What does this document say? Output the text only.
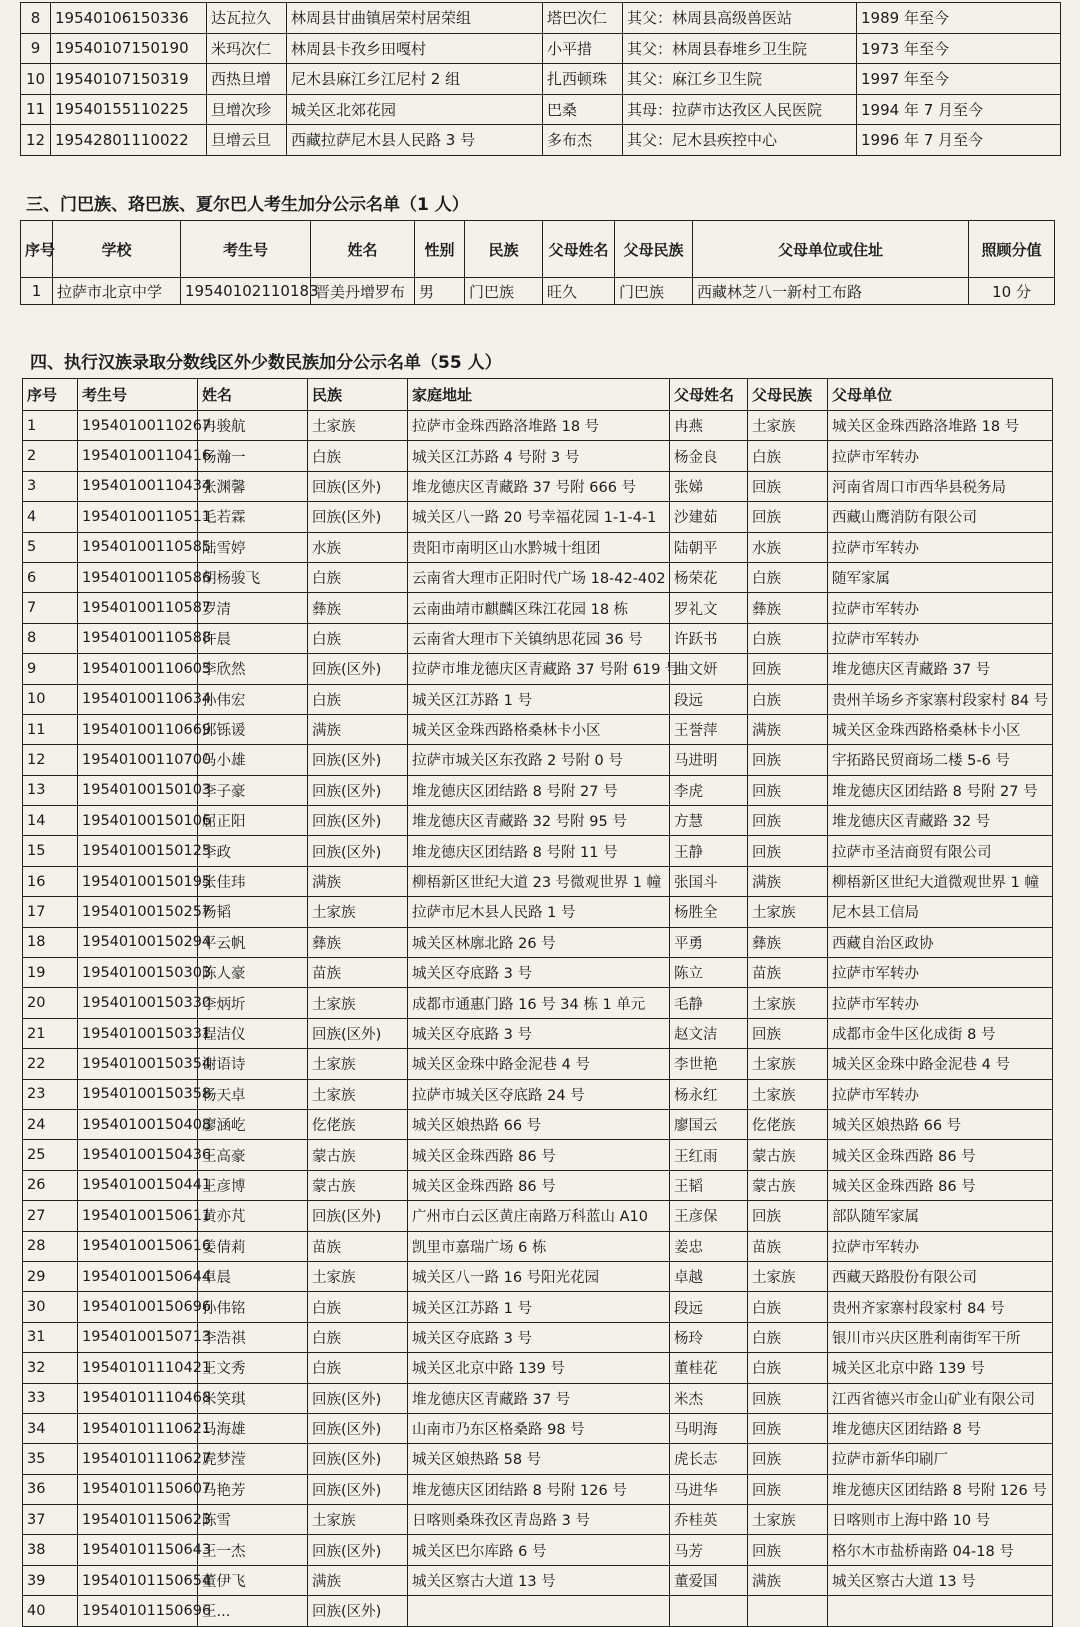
8	19540106150336	达瓦拉久	林周县甘曲镇居荣村居荣组	塔巴次仁	其父：林周县高级兽医站	1989 年至今
9	19540107150190	米玛次仁	林周县卡孜乡田嘎村	小平措	其父：林周县春堆乡卫生院	1973 年至今
10	19540107150319	西热旦增	尼木县麻江乡江尼村 2 组	扎西顿珠	其父：麻江乡卫生院	1997 年至今
11	19540155110225	旦增次珍	城关区北郊花园	巴桑	其母：拉萨市达孜区人民医院	1994 年 7 月至今
12	19542801110022	旦增云旦	西藏拉萨尼木县人民路 3 号	多布杰	其父：尼木县疾控中心	1996 年 7 月至今
三、门巴族、珞巴族、夏尔巴人考生加分公示名单（1 人）
序号	学校	考生号	姓名	性别	民族	父母姓名	父母民族	父母单位或住址	照顾分值
1	拉萨市北京中学	19540102110183	晋美丹增罗布	男	门巴族	旺久	门巴族	西藏林芝八一新村工布路	10 分
四、执行汉族录取分数线区外少数民族加分公示名单（55 人）
序号	考生号	姓名	民族	家庭地址	父母姓名	父母民族	父母单位
1	19540100110267	冉骏航	土家族	拉萨市金珠西路洛堆路 18 号	冉燕	土家族	城关区金珠西路洛堆路 18 号
2	19540100110416	杨瀚一	白族	城关区江苏路 4 号附 3 号	杨金良	白族	拉萨市军转办
3	19540100110434	张渊馨	回族(区外)	堆龙德庆区青藏路 37 号附 666 号	张娣	回族	河南省周口市西华县税务局
4	19540100110511	毛若霖	回族(区外)	城关区八一路 20 号幸福花园 1-1-4-1	沙建茹	回族	西藏山鹰消防有限公司
5	19540100110585	陆雪婷	水族	贵阳市南明区山水黔城十组团	陆朝平	水族	拉萨市军转办
6	19540100110586	胡杨骏飞	白族	云南省大理市正阳时代广场 18-42-402	杨荣花	白族	随军家属
7	19540100110587	罗清	彝族	云南曲靖市麒麟区珠江花园 18 栋	罗礼文	彝族	拉萨市军转办
8	19540100110588	许晨	白族	云南省大理市下关镇纳思花园 36 号	许跃书	白族	拉萨市军转办
9	19540100110605	李欣然	回族(区外)	拉萨市堆龙德庆区青藏路 37 号附 619 号	曲文妍	回族	堆龙德庆区青藏路 37 号
10	19540100110634	孙伟宏	白族	城关区江苏路 1 号	段远	白族	贵州羊场乡齐家寨村段家村 84 号
11	19540100110669	邱铄谖	满族	城关区金珠西路格桑林卡小区	王誉萍	满族	城关区金珠西路格桑林卡小区
12	19540100110700	马小雄	回族(区外)	拉萨市城关区东孜路 2 号附 0 号	马进明	回族	宇拓路民贸商场二楼 5-6 号
13	19540100150103	李子豪	回族(区外)	堆龙德庆区团结路 8 号附 27 号	李虎	回族	堆龙德庆区团结路 8 号附 27 号
14	19540100150106	屈正阳	回族(区外)	堆龙德庆区青藏路 32 号附 95 号	方慧	回族	堆龙德庆区青藏路 32 号
15	19540100150125	李政	回族(区外)	堆龙德庆区团结路 8 号附 11 号	王静	回族	拉萨市圣洁商贸有限公司
16	19540100150195	张佳玮	满族	柳梧新区世纪大道 23 号微观世界 1 幢	张国斗	满族	柳梧新区世纪大道微观世界 1 幢
17	19540100150257	杨韬	土家族	拉萨市尼木县人民路 1 号	杨胜全	土家族	尼木县工信局
18	19540100150294	平云帆	彝族	城关区林廓北路 26 号	平勇	彝族	西藏自治区政协
19	19540100150303	陈人豪	苗族	城关区夺底路 3 号	陈立	苗族	拉萨市军转办
20	19540100150330	李炳圻	土家族	成都市通惠门路 16 号 34 栋 1 单元	毛静	土家族	拉萨市军转办
21	19540100150331	程洁仪	回族(区外)	城关区夺底路 3 号	赵文洁	回族	成都市金牛区化成街 8 号
22	19540100150354	谢语诗	土家族	城关区金珠中路金泥巷 4 号	李世艳	土家族	城关区金珠中路金泥巷 4 号
23	19540100150358	杨天卓	土家族	拉萨市城关区夺底路 24 号	杨永红	土家族	拉萨市军转办
24	19540100150408	廖涵屹	仡佬族	城关区娘热路 66 号	廖国云	仡佬族	城关区娘热路 66 号
25	19540100150436	王高豪	蒙古族	城关区金珠西路 86 号	王红雨	蒙古族	城关区金珠西路 86 号
26	19540100150441	王彦博	蒙古族	城关区金珠西路 86 号	王韬	蒙古族	城关区金珠西路 86 号
27	19540100150611	黄亦芃	回族(区外)	广州市白云区黄庄南路万科蓝山 A10	王彦保	回族	部队随军家属
28	19540100150616	姜倩莉	苗族	凯里市嘉瑞广场 6 栋	姜忠	苗族	拉萨市军转办
29	19540100150644	卓晨	土家族	城关区八一路 16 号阳光花园	卓越	土家族	西藏天路股份有限公司
30	19540100150696	孙伟铭	白族	城关区江苏路 1 号	段远	白族	贵州齐家寨村段家村 84 号
31	19540100150713	李浩祺	白族	城关区夺底路 3 号	杨玲	白族	银川市兴庆区胜利南街军干所
32	19540101110421	王文秀	白族	城关区北京中路 139 号	董桂花	白族	城关区北京中路 139 号
33	19540101110468	米笑琪	回族(区外)	堆龙德庆区青藏路 37 号	米杰	回族	江西省德兴市金山矿业有限公司
34	19540101110621	马海雄	回族(区外)	山南市乃东区格桑路 98 号	马明海	回族	堆龙德庆区团结路 8 号
35	19540101110627	虎梦滢	回族(区外)	城关区娘热路 58 号	虎长志	回族	拉萨市新华印刷厂
36	19540101150607	马艳芳	回族(区外)	堆龙德庆区团结路 8 号附 126 号	马进华	回族	堆龙德庆区团结路 8 号附 126 号
37	19540101150623	陈雪	土家族	日喀则桑珠孜区青岛路 3 号	乔桂英	土家族	日喀则市上海中路 10 号
38	19540101150643	王一杰	回族(区外)	城关区巴尔库路 6 号	马芳	回族	格尔木市盐桥南路 04-18 号
39	19540101150654	董伊飞	满族	城关区察古大道 13 号	董爱国	满族	城关区察古大道 13 号
40	19540101150696	王...	回族(区外)				
